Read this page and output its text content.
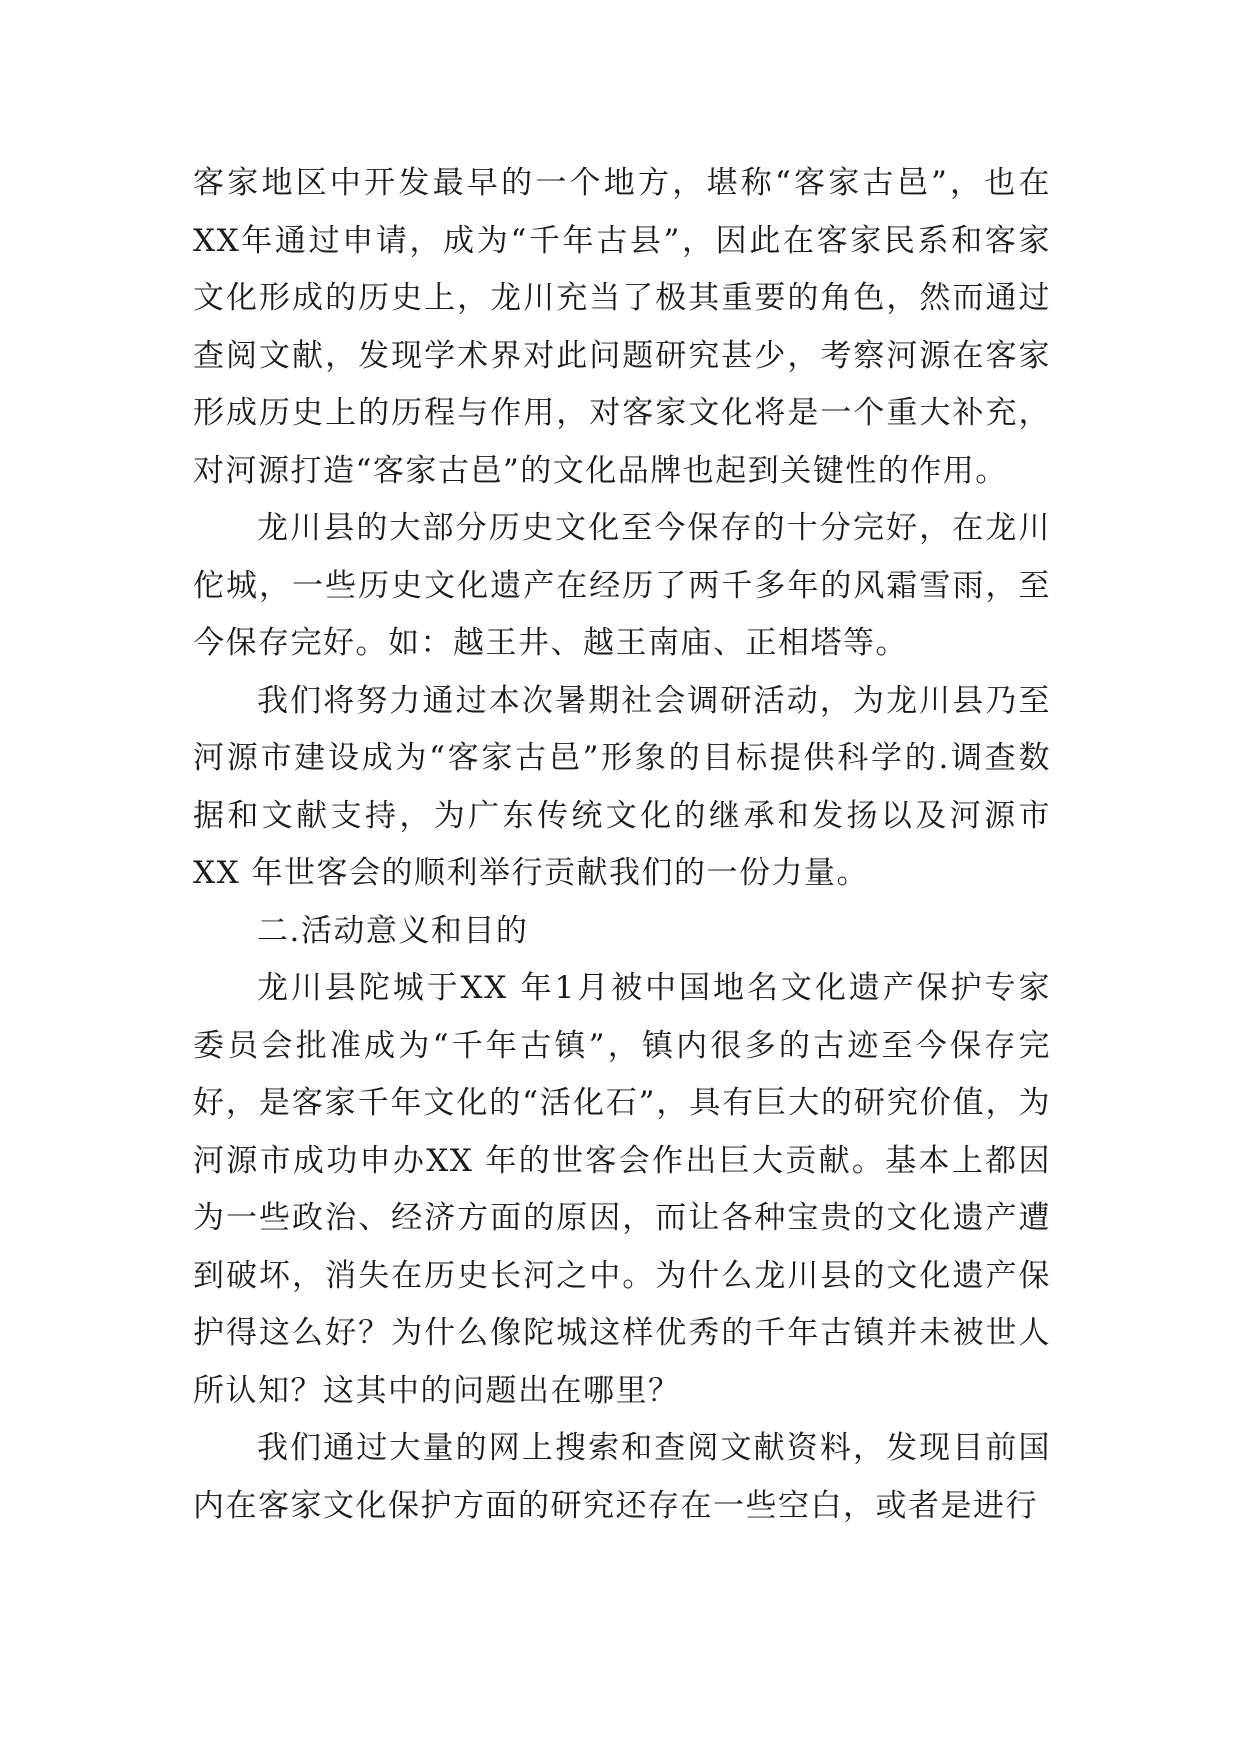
客家地区中开发最早的一个地方，堪称“客家古邑”，也在XX年通过申请，成为“千年古县”，因此在客家民系和客家文化形成的历史上，龙川充当了极其重要的角色，然而通过查阅文献，发现学术界对此问题研究甚少，考察河源在客家形成历史上的历程与作用，对客家文化将是一个重大补充，对河源打造“客家古邑”的文化品牌也起到关键性的作用。

龙川县的大部分历史文化至今保存的十分完好，在龙川佗城，一些历史文化遗产在经历了两千多年的风霜雪雨，至今保存完好。如：越王井、越王南庙、正相塔等。

我们将努力通过本次暑期社会调研活动，为龙川县乃至河源市建设成为“客家古邑”形象的目标提供科学的.调查数据和文献支持，为广东传统文化的继承和发扬以及河源市XX 年世客会的顺利举行贡献我们的一份力量。

二.活动意义和目的

龙川县陀城于XX 年1月被中国地名文化遗产保护专家委员会批准成为“千年古镇”，镇内很多的古迹至今保存完好，是客家千年文化的“活化石”，具有巨大的研究价值，为河源市成功申办XX 年的世客会作出巨大贡献。基本上都因为一些政治、经济方面的原因，而让各种宝贵的文化遗产遭到破坏，消失在历史长河之中。为什么龙川县的文化遗产保护得这么好？为什么像陀城这样优秀的千年古镇并未被世人所认知？这其中的问题出在哪里？

我们通过大量的网上搜索和查阅文献资料，发现目前国内在客家文化保护方面的研究还存在一些空白，或者是进行
